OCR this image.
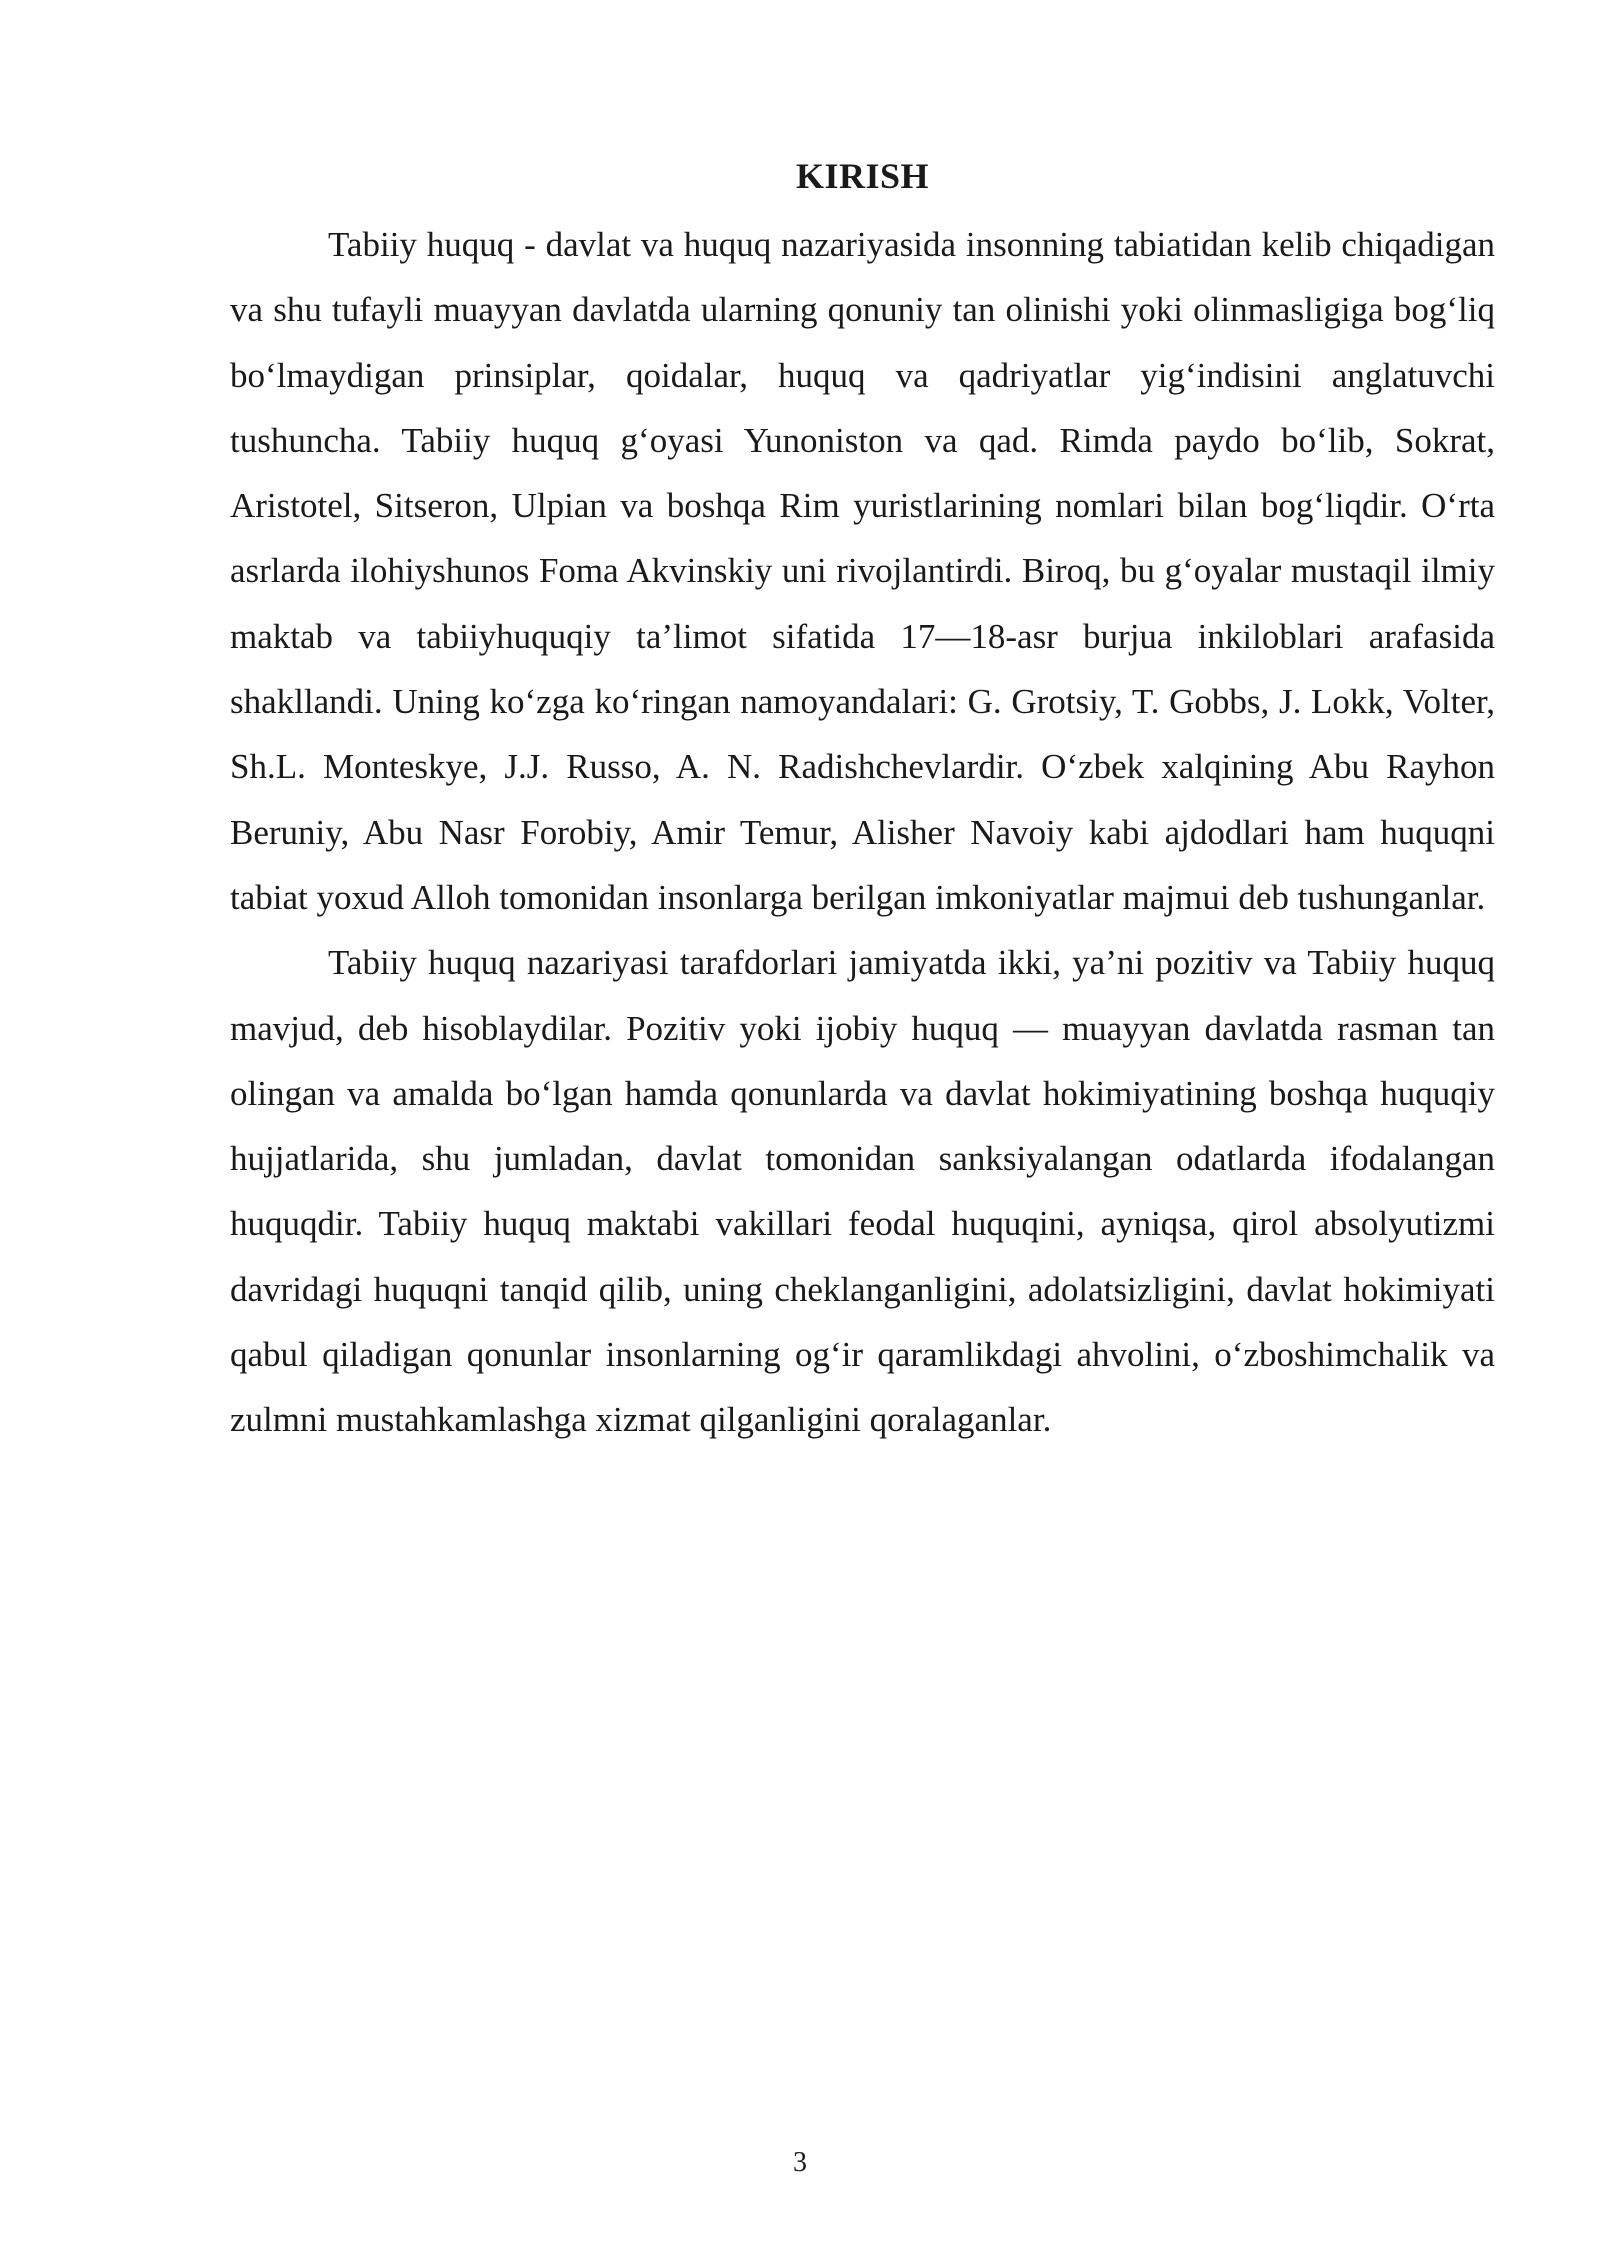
KIRISH

Tabiiy huquq - davlat va huquq nazariyasida insonning tabiatidan kelib chiqadigan va shu tufayli muayyan davlatda ularning qonuniy tan olinishi yoki olinmasligiga bog‘liq bo‘lmaydigan prinsiplar, qoidalar, huquq va qadriyatlar yig‘indisini anglatuvchi tushuncha. Tabiiy huquq g‘oyasi Yunoniston va qad. Rimda paydo bo‘lib, Sokrat, Aristotel, Sitseron, Ulpian va boshqa Rim yuristlarining nomlari bilan bog‘liqdir. O‘rta asrlarda ilohiyshunos Foma Akvinskiy uni rivojlantirdi. Biroq, bu g‘oyalar mustaqil ilmiy maktab va tabiiyhuquqiy ta’limot sifatida 17—18-asr burjua inkiloblari arafasida shakllandi. Uning ko‘zga ko‘ringan namoyandalari: G. Grotsiy, T. Gobbs, J. Lokk, Volter, Sh.L. Monteskye, J.J. Russo, A. N. Radishchevlardir. O‘zbek xalqining Abu Rayhon Beruniy, Abu Nasr Forobiy, Amir Temur, Alisher Navoiy kabi ajdodlari ham huquqni tabiat yoxud Alloh tomonidan insonlarga berilgan imkoniyatlar majmui deb tushunganlar.

Tabiiy huquq nazariyasi tarafdorlari jamiyatda ikki, ya’ni pozitiv va Tabiiy huquq mavjud, deb hisoblaydilar. Pozitiv yoki ijobiy huquq — muayyan davlatda rasman tan olingan va amalda bo‘lgan hamda qonunlarda va davlat hokimiyatining boshqa huquqiy hujjatlarida, shu jumladan, davlat tomonidan sanksiyalangan odatlarda ifodalangan huquqdir. Tabiiy huquq maktabi vakillari feodal huquqini, ayniqsa, qirol absolyutizmi davridagi huquqni tanqid qilib, uning cheklanganligini, adolatsizligini, davlat hokimiyati qabul qiladigan qonunlar insonlarning og‘ir qaramlikdagi ahvolini, o‘zboshimchalik va zulmni mustahkamlashga xizmat qilganligini qoralaganlar.

3
